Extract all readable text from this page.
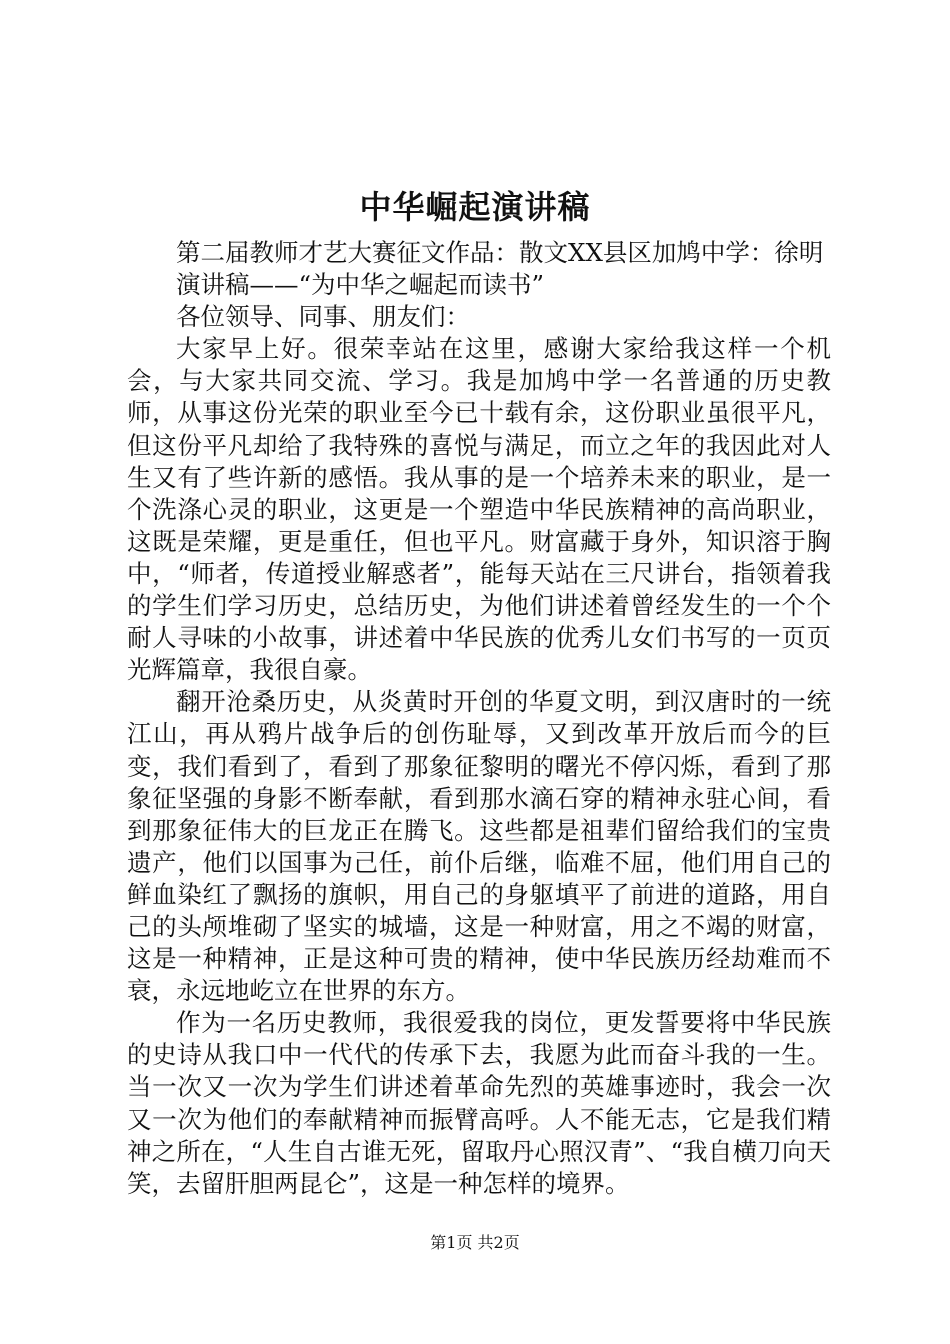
中华崛起演讲稿

第二届教师才艺大赛征文作品：散文XX县区加鸠中学：徐明

演讲稿——“为中华之崛起而读书”

各位领导、同事、朋友们：

大家早上好。很荣幸站在这里，感谢大家给我这样一个机会，与大家共同交流、学习。我是加鸠中学一名普通的历史教师，从事这份光荣的职业至今已十载有余，这份职业虽很平凡，但这份平凡却给了我特殊的喜悦与满足，而立之年的我因此对人生又有了些许新的感悟。我从事的是一个培养未来的职业，是一个洗涤心灵的职业，这更是一个塑造中华民族精神的高尚职业，这既是荣耀，更是重任，但也平凡。财富藏于身外，知识溶于胸中，“师者，传道授业解惑者”，能每天站在三尺讲台，指领着我的学生们学习历史，总结历史，为他们讲述着曾经发生的一个个耐人寻味的小故事，讲述着中华民族的优秀儿女们书写的一页页光辉篇章，我很自豪。

翻开沧桑历史，从炎黄时开创的华夏文明，到汉唐时的一统江山，再从鸦片战争后的创伤耻辱，又到改革开放后而今的巨变，我们看到了，看到了那象征黎明的曙光不停闪烁，看到了那象征坚强的身影不断奉献，看到那水滴石穿的精神永驻心间，看到那象征伟大的巨龙正在腾飞。这些都是祖辈们留给我们的宝贵遗产，他们以国事为己任，前仆后继，临难不屈，他们用自己的鲜血染红了飘扬的旗帜，用自己的身躯填平了前进的道路，用自己的头颅堆砌了坚实的城墙，这是一种财富，用之不竭的财富，这是一种精神，正是这种可贵的精神，使中华民族历经劫难而不衰，永远地屹立在世界的东方。

作为一名历史教师，我很爱我的岗位，更发誓要将中华民族的史诗从我口中一代代的传承下去，我愿为此而奋斗我的一生。当一次又一次为学生们讲述着革命先烈的英雄事迹时，我会一次又一次为他们的奉献精神而振臂高呼。人不能无志，它是我们精神之所在，“人生自古谁无死，留取丹心照汉青”、“我自横刀向天笑，去留肝胆两昆仑”，这是一种怎样的境界。

第1页 共2页
